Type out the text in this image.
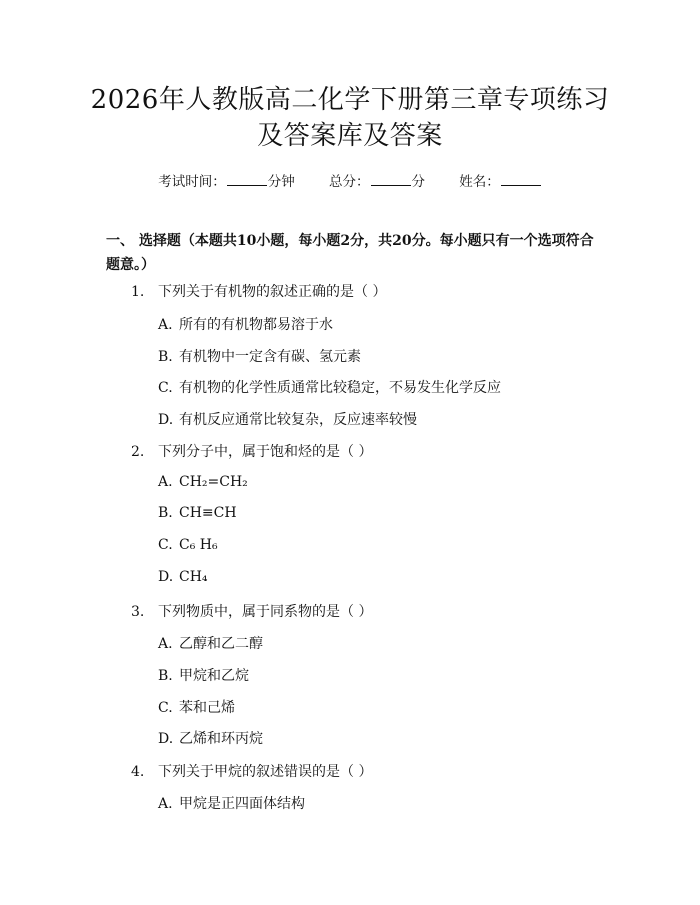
2026年人教版高二化学下册第三章专项练习
及答案库及答案
考试时间：	分钟	总分：	分	姓名：
一、 选择题（本题共10小题，每小题2分，共20分。每小题只有一个选项符合题意。）
1. 下列关于有机物的叙述正确的是（ ）
A. 所有的有机物都易溶于水
B. 有机物中一定含有碳、氢元素
C. 有机物的化学性质通常比较稳定，不易发生化学反应
D. 有机反应通常比较复杂，反应速率较慢
2. 下列分子中，属于饱和烃的是（ ）
A. CH₂=CH₂
B. CH≡CH
C. C₆ H₆
D. CH₄
3. 下列物质中，属于同系物的是（ ）
A. 乙醇和乙二醇
B. 甲烷和乙烷
C. 苯和己烯
D. 乙烯和环丙烷
4. 下列关于甲烷的叙述错误的是（ ）
A. 甲烷是正四面体结构
